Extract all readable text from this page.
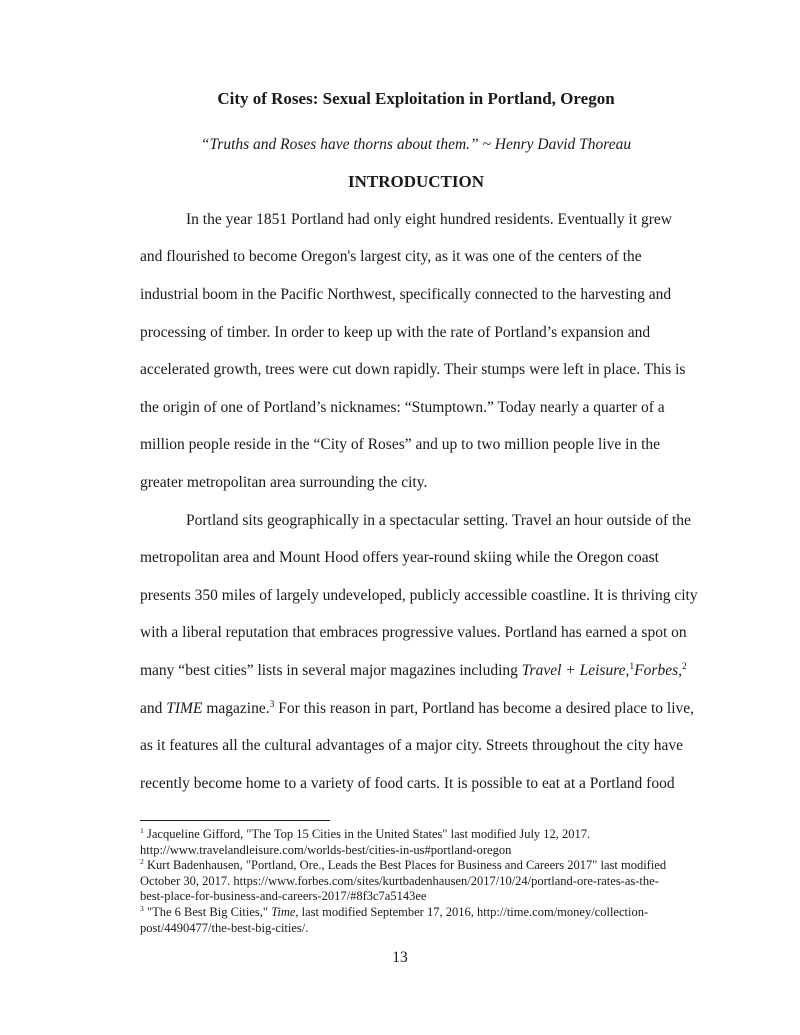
City of Roses: Sexual Exploitation in Portland, Oregon
“Truths and Roses have thorns about them.” ~ Henry David Thoreau
INTRODUCTION
In the year 1851 Portland had only eight hundred residents. Eventually it grew
and flourished to become Oregon's largest city, as it was one of the centers of the
industrial boom in the Pacific Northwest, specifically connected to the harvesting and
processing of timber. In order to keep up with the rate of Portland’s expansion and
accelerated growth, trees were cut down rapidly. Their stumps were left in place. This is
the origin of one of Portland’s nicknames: “Stumptown.” Today nearly a quarter of a
million people reside in the “City of Roses” and up to two million people live in the
greater metropolitan area surrounding the city.
Portland sits geographically in a spectacular setting. Travel an hour outside of the
metropolitan area and Mount Hood offers year-round skiing while the Oregon coast
presents 350 miles of largely undeveloped, publicly accessible coastline. It is thriving city
with a liberal reputation that embraces progressive values. Portland has earned a spot on
many “best cities” lists in several major magazines including Travel + Leisure,$^1$Forbes,$^2$
and TIME magazine.$^3$ For this reason in part, Portland has become a desired place to live,
as it features all the cultural advantages of a major city. Streets throughout the city have
recently become home to a variety of food carts. It is possible to eat at a Portland food
$^1$ Jacqueline Gifford, "The Top 15 Cities in the United States" last modified July 12, 2017.
http://www.travelandleisure.com/worlds-best/cities-in-us#portland-oregon
$^2$ Kurt Badenhausen, "Portland, Ore., Leads the Best Places for Business and Careers 2017" last modified
October 30, 2017. https://www.forbes.com/sites/kurtbadenhausen/2017/10/24/portland-ore-rates-as-the-
best-place-for-business-and-careers-2017/#8f3c7a5143ee
$^3$ "The 6 Best Big Cities," Time, last modified September 17, 2016, http://time.com/money/collection-
post/4490477/the-best-big-cities/.
13
